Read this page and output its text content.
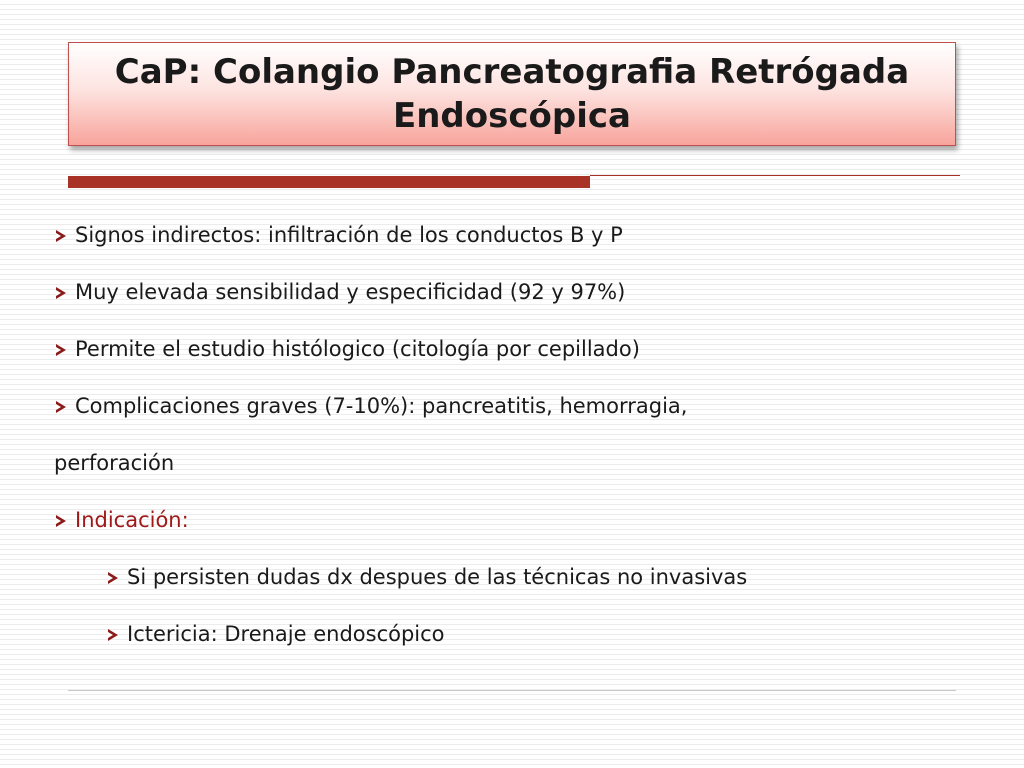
CaP: Colangio Pancreatografia Retrógada
Endoscópica
Signos indirectos: infiltración de los conductos B y P
Muy elevada sensibilidad y especificidad (92 y 97%)
Permite el estudio histólogico (citología por cepillado)
Complicaciones graves (7-10%): pancreatitis, hemorragia,
perforación
Indicación:
Si persisten dudas dx despues de las técnicas no invasivas
Ictericia: Drenaje endoscópico
